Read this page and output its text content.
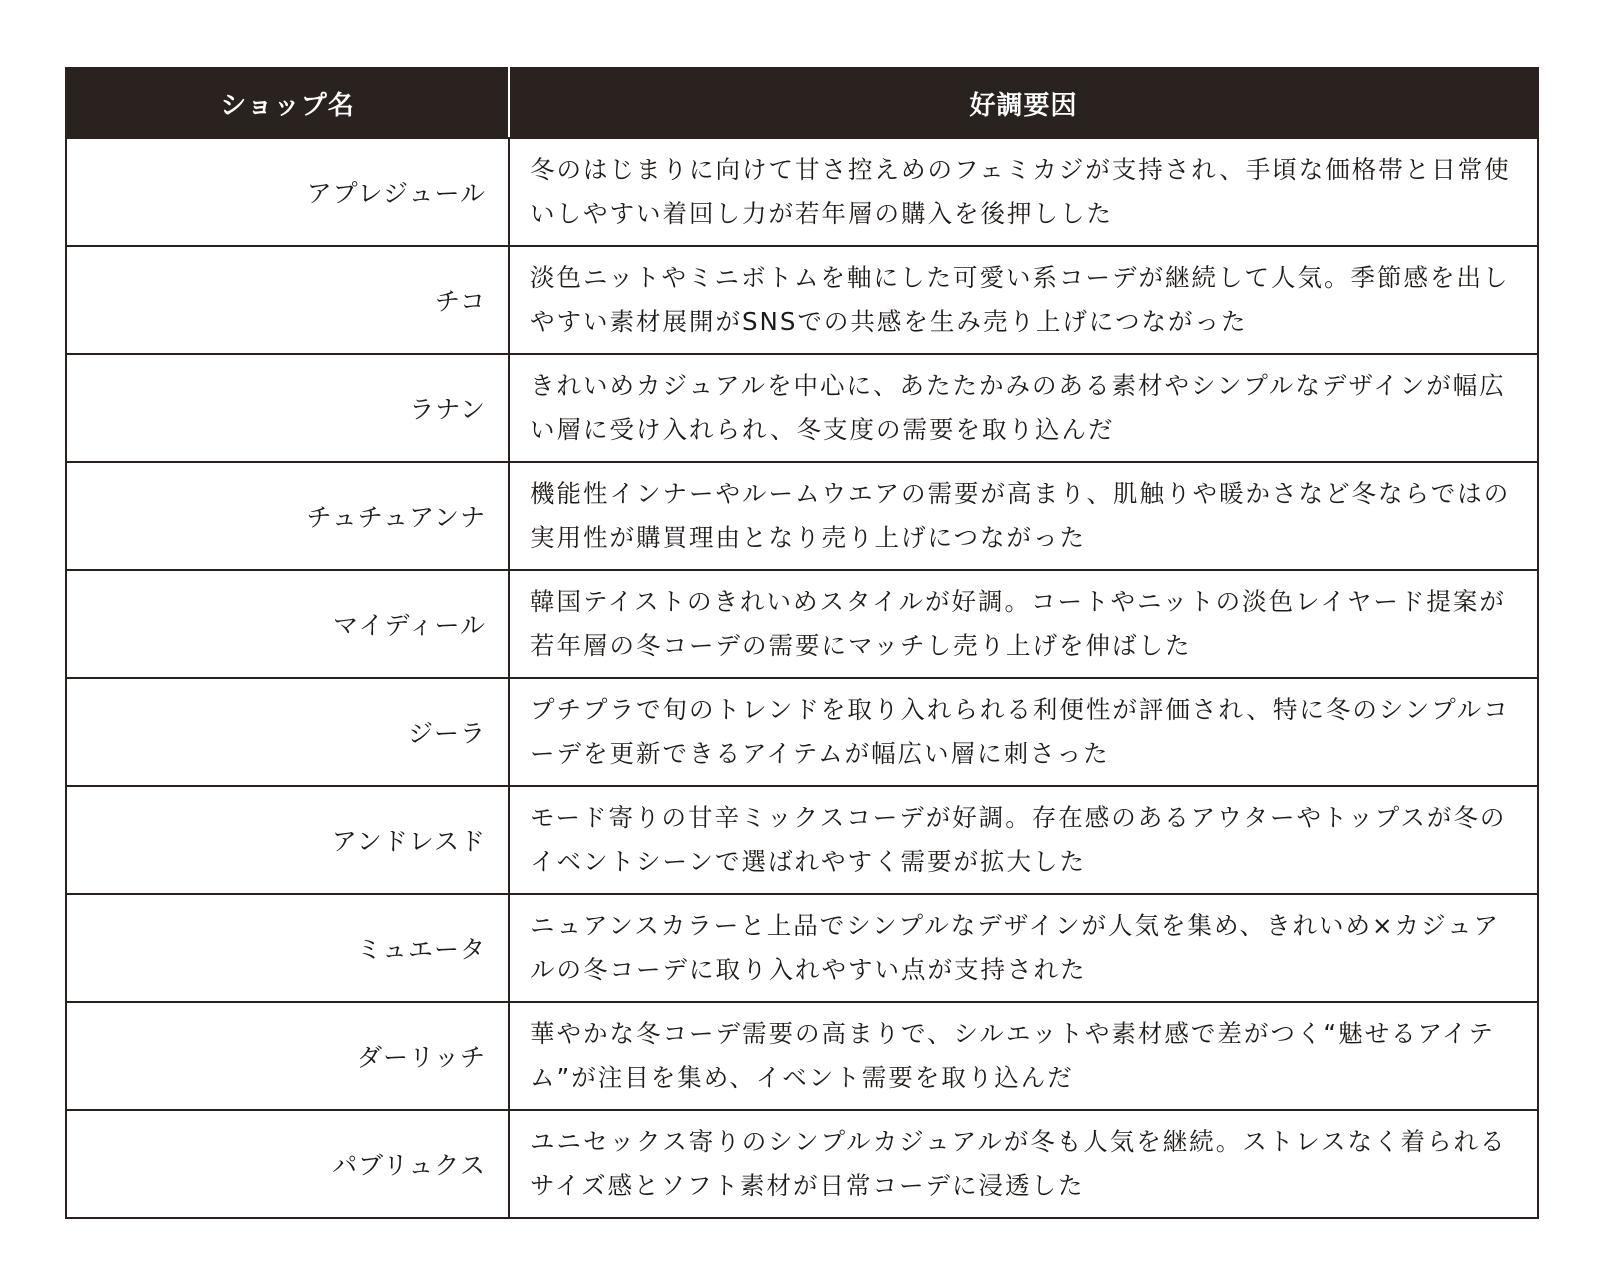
ショップ名	好調要因
アプレジュール	冬のはじまりに向けて甘さ控えめのフェミカジが支持され、手頃な価格帯と日常使いしやすい着回し力が若年層の購入を後押しした
チコ	淡色ニットやミニボトムを軸にした可愛い系コーデが継続して人気。季節感を出しやすい素材展開がSNSでの共感を生み売り上げにつながった
ラナン	きれいめカジュアルを中心に、あたたかみのある素材やシンプルなデザインが幅広い層に受け入れられ、冬支度の需要を取り込んだ
チュチュアンナ	機能性インナーやルームウエアの需要が高まり、肌触りや暖かさなど冬ならではの実用性が購買理由となり売り上げにつながった
マイディール	韓国テイストのきれいめスタイルが好調。コートやニットの淡色レイヤード提案が若年層の冬コーデの需要にマッチし売り上げを伸ばした
ジーラ	プチプラで旬のトレンドを取り入れられる利便性が評価され、特に冬のシンプルコーデを更新できるアイテムが幅広い層に刺さった
アンドレスド	モード寄りの甘辛ミックスコーデが好調。存在感のあるアウターやトップスが冬のイベントシーンで選ばれやすく需要が拡大した
ミュエータ	ニュアンスカラーと上品でシンプルなデザインが人気を集め、きれいめ×カジュアルの冬コーデに取り入れやすい点が支持された
ダーリッチ	華やかな冬コーデ需要の高まりで、シルエットや素材感で差がつく“魅せるアイテム”が注目を集め、イベント需要を取り込んだ
パブリュクス	ユニセックス寄りのシンプルカジュアルが冬も人気を継続。ストレスなく着られるサイズ感とソフト素材が日常コーデに浸透した
